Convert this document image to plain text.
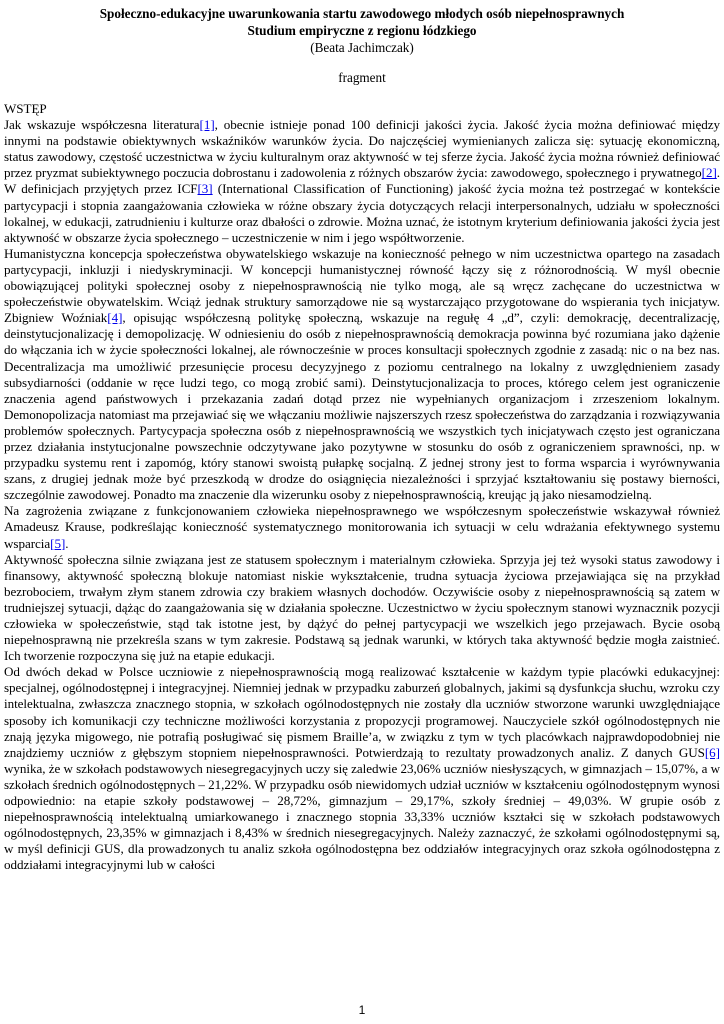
Społeczno-edukacyjne uwarunkowania startu zawodowego młodych osób niepełnosprawnych
Studium empiryczne z regionu łódzkiego
(Beata Jachimczak)
fragment
WSTĘP

Jak wskazuje współczesna literatura[1], obecnie istnieje ponad 100 definicji jakości życia. Jakość życia można definiować między innymi na podstawie obiektywnych wskaźników warunków życia. Do najczęściej wymienianych zalicza się: sytuację ekonomiczną, status zawodowy, częstość uczestnictwa w życiu kulturalnym oraz aktywność w tej sferze życia. Jakość życia można również definiować przez pryzmat subiektywnego poczucia dobrostanu i zadowolenia z różnych obszarów życia: zawodowego, społecznego i prywatnego[2]. W definicjach przyjętych przez ICF[3] (International Classification of Functioning) jakość życia można też postrzegać w kontekście partycypacji i stopnia zaangażowania człowieka w różne obszary życia dotyczących relacji interpersonalnych, udziału w społeczności lokalnej, w edukacji, zatrudnieniu i kulturze oraz dbałości o zdrowie. Można uznać, że istotnym kryterium definiowania jakości życia jest aktywność w obszarze życia społecznego – uczestniczenie w nim i jego współtworzenie.

Humanistyczna koncepcja społeczeństwa obywatelskiego wskazuje na konieczność pełnego w nim uczestnictwa opartego na zasadach partycypacji, inkluzji i niedyskryminacji. W koncepcji humanistycznej równość łączy się z różnorodnością. W myśl obecnie obowiązującej polityki społecznej osoby z niepełnosprawnością nie tylko mogą, ale są wręcz zachęcane do uczestnictwa w społeczeństwie obywatelskim. Wciąż jednak struktury samorządowe nie są wystarczająco przygotowane do wspierania tych inicjatyw. Zbigniew Woźniak[4], opisując współczesną politykę społeczną, wskazuje na regułę 4 „d”, czyli: demokrację, decentralizację, deinstytucjonalizację i demopolizację. W odniesieniu do osób z niepełnosprawnością demokracja powinna być rozumiana jako dążenie do włączania ich w życie społeczności lokalnej, ale równocześnie w proces konsultacji społecznych zgodnie z zasadą: nic o na bez nas. Decentralizacja ma umożliwić przesunięcie procesu decyzyjnego z poziomu centralnego na lokalny z uwzględnieniem zasady subsydiarności (oddanie w ręce ludzi tego, co mogą zrobić sami). Deinstytucjonalizacja to proces, którego celem jest ograniczenie znaczenia agend państwowych i przekazania zadań dotąd przez nie wypełnianych organizacjom i zrzeszeniom lokalnym. Demonopolizacja natomiast ma przejawiać się we włączaniu możliwie najszerszych rzesz społeczeństwa do zarządzania i rozwiązywania problemów społecznych. Partycypacja społeczna osób z niepełnosprawnością we wszystkich tych inicjatywach często jest ograniczana przez działania instytucjonalne powszechnie odczytywane jako pozytywne w stosunku do osób z ograniczeniem sprawności, np. w przypadku systemu rent i zapomóg, który stanowi swoistą pułapkę socjalną. Z jednej strony jest to forma wsparcia i wyrównywania szans, z drugiej jednak może być przeszkodą w drodze do osiągnięcia niezależności i sprzyjać kształtowaniu się postawy bierności, szczególnie zawodowej. Ponadto ma znaczenie dla wizerunku osoby z niepełnosprawnością, kreując ją jako niesamodzielną.

Na zagrożenia związane z funkcjonowaniem człowieka niepełnosprawnego we współczesnym społeczeństwie wskazywał również Amadeusz Krause, podkreślając konieczność systematycznego monitorowania ich sytuacji w celu wdrażania efektywnego systemu wsparcia[5].

Aktywność społeczna silnie związana jest ze statusem społecznym i materialnym człowieka. Sprzyja jej też wysoki status zawodowy i finansowy, aktywność społeczną blokuje natomiast niskie wykształcenie, trudna sytuacja życiowa przejawiająca się na przykład bezrobociem, trwałym złym stanem zdrowia czy brakiem własnych dochodów. Oczywiście osoby z niepełnosprawnością są zatem w trudniejszej sytuacji, dążąc do zaangażowania się w działania społeczne. Uczestnictwo w życiu społecznym stanowi wyznacznik pozycji człowieka w społeczeństwie, stąd tak istotne jest, by dążyć do pełnej partycypacji we wszelkich jego przejawach. Bycie osobą niepełnosprawną nie przekreśla szans w tym zakresie. Podstawą są jednak warunki, w których taka aktywność będzie mogła zaistnieć. Ich tworzenie rozpoczyna się już na etapie edukacji.

Od dwóch dekad w Polsce uczniowie z niepełnosprawnością mogą realizować kształcenie w każdym typie placówki edukacyjnej: specjalnej, ogólnodostępnej i integracyjnej. Niemniej jednak w przypadku zaburzeń globalnych, jakimi są dysfunkcja słuchu, wzroku czy intelektualna, zwłaszcza znacznego stopnia, w szkołach ogólnodostępnych nie zostały dla uczniów stworzone warunki uwzględniające sposoby ich komunikacji czy techniczne możliwości korzystania z propozycji programowej. Nauczyciele szkół ogólnodostępnych nie znają języka migowego, nie potrafią posługiwać się pismem Braille’a, w związku z tym w tych placówkach najprawdopodobniej nie znajdziemy uczniów z głębszym stopniem niepełnosprawności. Potwierdzają to rezultaty prowadzonych analiz. Z danych GUS[6] wynika, że w szkołach podstawowych niesegregacyjnych uczy się zaledwie 23,06% uczniów niesłyszących, w gimnazjach – 15,07%, a w szkołach średnich ogólnodostępnych – 21,22%. W przypadku osób niewidomych udział uczniów w kształceniu ogólnodostępnym wynosi odpowiednio: na etapie szkoły podstawowej – 28,72%, gimnazjum – 29,17%, szkoły średniej – 49,03%. W grupie osób z niepełnosprawnością intelektualną umiarkowanego i znacznego stopnia 33,33% uczniów kształci się w szkołach podstawowych ogólnodostępnych, 23,35% w gimnazjach i 8,43% w średnich niesegregacyjnych. Należy zaznaczyć, że szkołami ogólnodostępnymi są, w myśl definicji GUS, dla prowadzonych tu analiz szkoła ogólnodostępna bez oddziałów integracyjnych oraz szkoła ogólnodostępna z oddziałami integracyjnymi lub w całości

1
